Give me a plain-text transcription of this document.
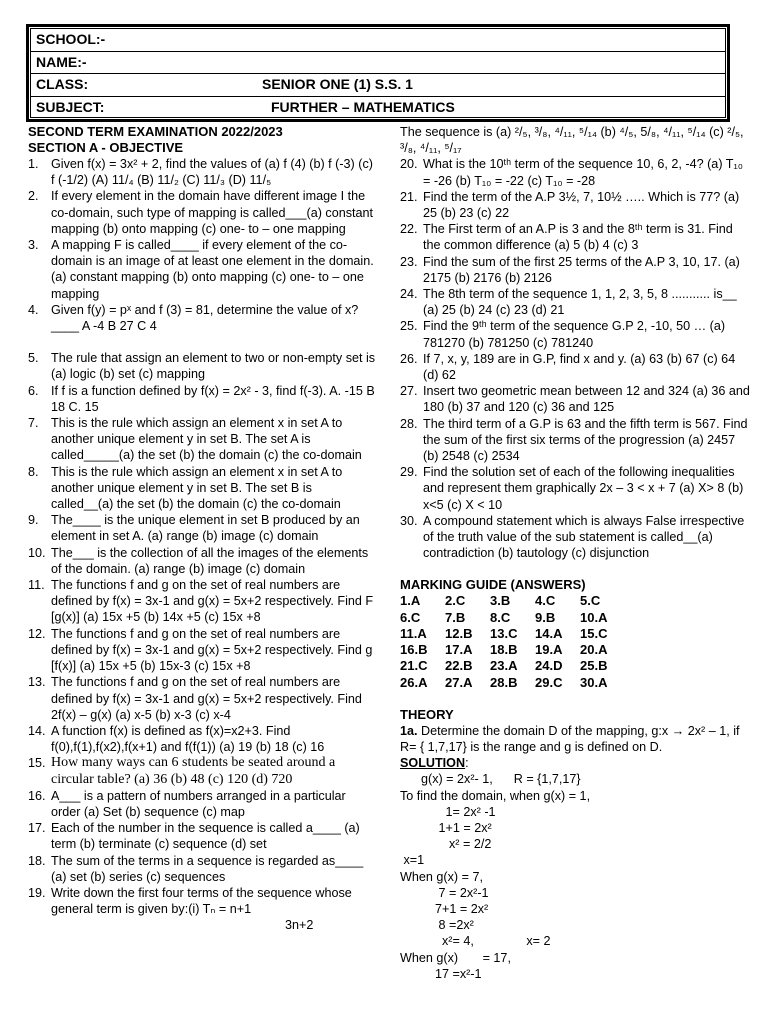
SCHOOL:-
NAME:-
CLASS:	SENIOR ONE (1) S.S. 1
SUBJECT:	FURTHER – MATHEMATICS
SECOND TERM EXAMINATION 2022/2023
SECTION A - OBJECTIVE
1. Given f(x) = 3x² + 2, find the values of (a) f (4) (b) f (-3) (c) f (-1/2) (A) 11/₄ (B) 11/₂ (C) 11/₃ (D) 11/₅
2. If every element in the domain have different image I the co-domain, such type of mapping is called___(a) constant mapping (b) onto mapping (c) one- to – one mapping
3. A mapping F is called____ if every element of the co-domain is an image of at least one element in the domain. (a) constant mapping (b) onto mapping (c) one- to – one mapping
4. Given f(y) = pˣ and f (3) = 81, determine the value of x?____ A -4 B 27 C 4
5. The rule that assign an element to two or non-empty set is (a) logic (b) set (c) mapping
6. If f is a function defined by f(x) = 2x² - 3, find f(-3). A. -15 B 18 C. 15
7. This is the rule which assign an element x in set A to another unique element y in set B. The set A is called_____(a) the set (b) the domain (c) the co-domain
8. This is the rule which assign an element x in set A to another unique element y in set B. The set B is called__(a) the set (b) the domain (c) the co-domain
9. The____ is the unique element in set B produced by an element in set A. (a) range (b) image (c) domain
10. The___ is the collection of all the images of the elements of the domain. (a) range (b) image (c) domain
11. The functions f and g on the set of real numbers are defined by f(x) = 3x-1 and g(x) = 5x+2 respectively. Find F [g(x)] (a) 15x +5 (b) 14x +5 (c) 15x +8
12. The functions f and g on the set of real numbers are defined by f(x) = 3x-1 and g(x) = 5x+2 respectively. Find g [f(x)] (a) 15x +5 (b) 15x-3 (c) 15x +8
13. The functions f and g on the set of real numbers are defined by f(x) = 3x-1 and g(x) = 5x+2 respectively. Find 2f(x) – g(x) (a) x-5 (b) x-3 (c) x-4
14. A function f(x) is defined as f(x)=x2+3. Find f(0),f(1),f(x2),f(x+1) and f(f(1)) (a) 19 (b) 18 (c) 16
15. How many ways can 6 students be seated around a circular table? (a) 36 (b) 48 (c) 120 (d) 720
16. A___ is a pattern of numbers arranged in a particular order (a) Set (b) sequence (c) map
17. Each of the number in the sequence is called a____ (a) term (b) terminate (c) sequence (d) set
18. The sum of the terms in a sequence is regarded as____ (a) set (b) series (c) sequences
19. Write down the first four terms of the sequence whose general term is given by:(i) Tₙ = n+1
3n+2
The sequence is (a) ²/₅, ³/₈, ⁴/₁₁, ⁵/₁₄ (b) ⁴/₅, 5/₈, ⁴/₁₁, ⁵/₁₄ (c) ²/₅, ³/₈, ⁴/₁₁, ⁵/₁₇
20. What is the 10ᵗʰ term of the sequence 10, 6, 2, -4? (a) T₁₀ = -26 (b) T₁₀ = -22 (c) T₁₀ = -28
21. Find the term of the A.P 3½, 7, 10½ ….. Which is 77? (a) 25 (b) 23 (c) 22
22. The First term of an A.P is 3 and the 8ᵗʰ term is 31. Find the common difference (a) 5 (b) 4 (c) 3
23. Find the sum of the first 25 terms of the A.P 3, 10, 17. (a) 2175 (b) 2176 (b) 2126
24. The 8th term of the sequence 1, 1, 2, 3, 5, 8 ........... is__ (a) 25 (b) 24 (c) 23 (d) 21
25. Find the 9ᵗʰ term of the sequence G.P 2, -10, 50 … (a) 781270 (b) 781250 (c) 781240
26. If 7, x, y, 189 are in G.P, find x and y. (a) 63 (b) 67 (c) 64 (d) 62
27. Insert two geometric mean between 12 and 324 (a) 36 and 180 (b) 37 and 120 (c) 36 and 125
28. The third term of a G.P is 63 and the fifth term is 567. Find the sum of the first six terms of the progression (a) 2457 (b) 2548 (c) 2534
29. Find the solution set of each of the following inequalities and represent them graphically 2x – 3 < x + 7 (a) X> 8 (b) x<5 (c) X < 10
30. A compound statement which is always False irrespective of the truth value of the sub statement is called__(a) contradiction (b) tautology (c) disjunction
MARKING GUIDE (ANSWERS)
1.A	2.C	3.B	4.C	5.C
6.C	7.B	8.C	9.B	10.A
11.A	12.B	13.C	14.A	15.C
16.B	17.A	18.B	19.A	20.A
21.C	22.B	23.A	24.D	25.B
26.A	27.A	28.B	29.C	30.A
THEORY
1a. Determine the domain D of the mapping, g:x → 2x² – 1, if R= { 1,7,17} is the range and g is defined on D.
SOLUTION:
g(x) = 2x²- 1,      R = {1,7,17}
To find the domain, when g(x) = 1,
1= 2x² -1
1+1 = 2x²
x² = 2/2
x=1
When g(x) = 7,
7 = 2x²-1
7+1 = 2x²
8 =2x²
x²= 4,               x= 2
When g(x)       = 17,
17 =x²-1
